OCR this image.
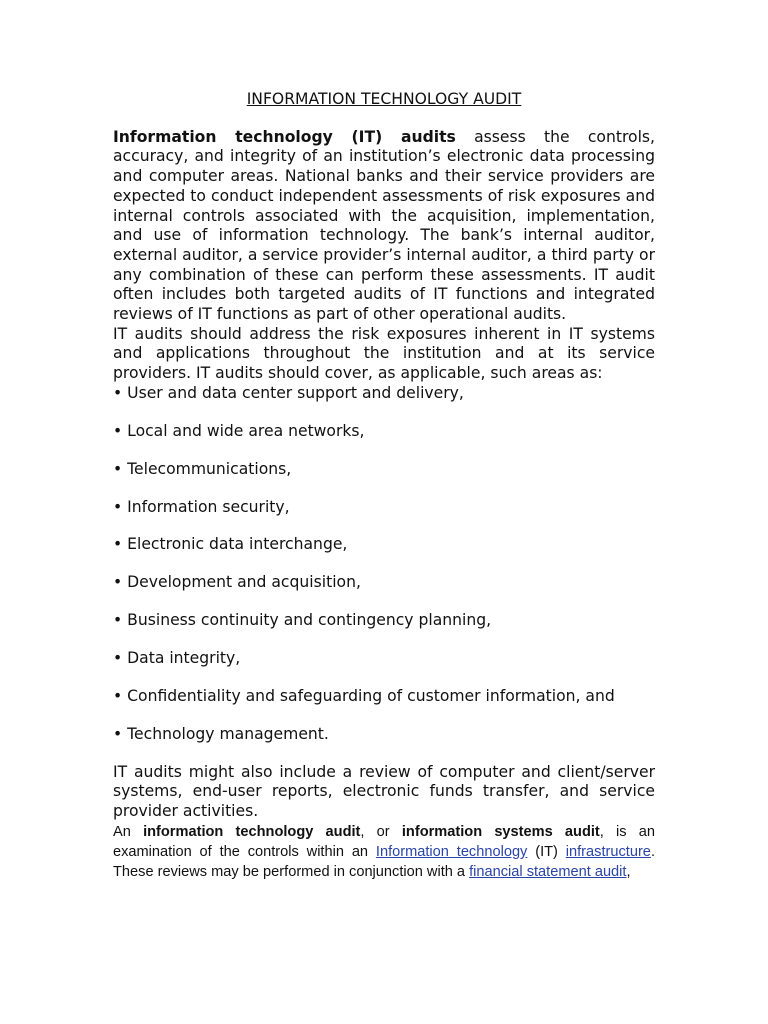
INFORMATION TECHNOLOGY AUDIT

Information technology (IT) audits assess the controls, accuracy, and integrity of an institution’s electronic data processing and computer areas. National banks and their service providers are expected to conduct independent assessments of risk exposures and internal controls associated with the acquisition, implementation, and use of information technology. The bank’s internal auditor, external auditor, a service provider’s internal auditor, a third party or any combination of these can perform these assessments. IT audit often includes both targeted audits of IT functions and integrated reviews of IT functions as part of other operational audits.

IT audits should address the risk exposures inherent in IT systems and applications throughout the institution and at its service providers. IT audits should cover, as applicable, such areas as:

• User and data center support and delivery,
• Local and wide area networks,
• Telecommunications,
• Information security,
• Electronic data interchange,
• Development and acquisition,
• Business continuity and contingency planning,
• Data integrity,
• Confidentiality and safeguarding of customer information, and
• Technology management.

IT audits might also include a review of computer and client/server systems, end-user reports, electronic funds transfer, and service provider activities.

An information technology audit, or information systems audit, is an examination of the controls within an Information technology (IT) infrastructure. These reviews may be performed in conjunction with a financial statement audit,
